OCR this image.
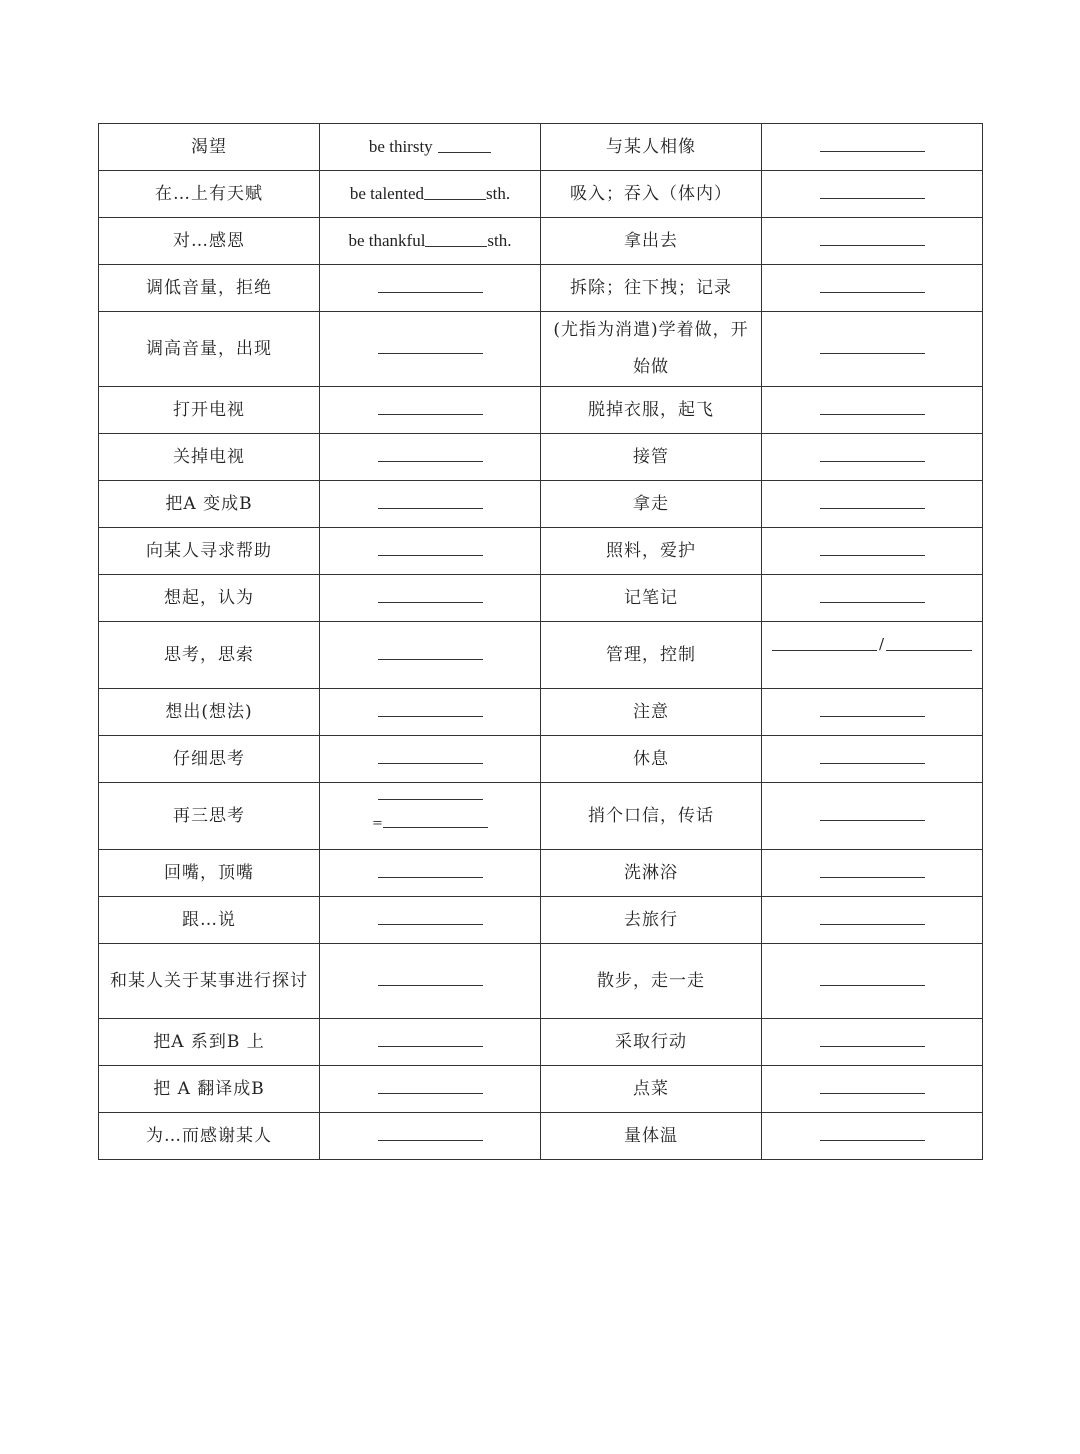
渴望	be thirsty	与某人相像	
在…上有天赋	be talented sth.	吸入；吞入（体内）	
对…感恩	be thankful sth.	拿出去	
调低音量，拒绝		拆除；往下拽；记录	
调高音量，出现		(尤指为消遣)学着做，开始做	
打开电视		脱掉衣服，起飞	
关掉电视		接管	
把A 变成B		拿走	
向某人寻求帮助		照料，爱护	
想起，认为		记笔记	
思考，思索		管理，控制	/

想出(想法)		注意	
仔细思考		休息	
再三思考	=	捎个口信，传话	
回嘴，顶嘴		洗淋浴	
跟…说		去旅行	
和某人关于某事进行探讨		散步，走一走	
把A 系到B 上		采取行动	
把 A 翻译成B		点菜	
为…而感谢某人		量体温	
